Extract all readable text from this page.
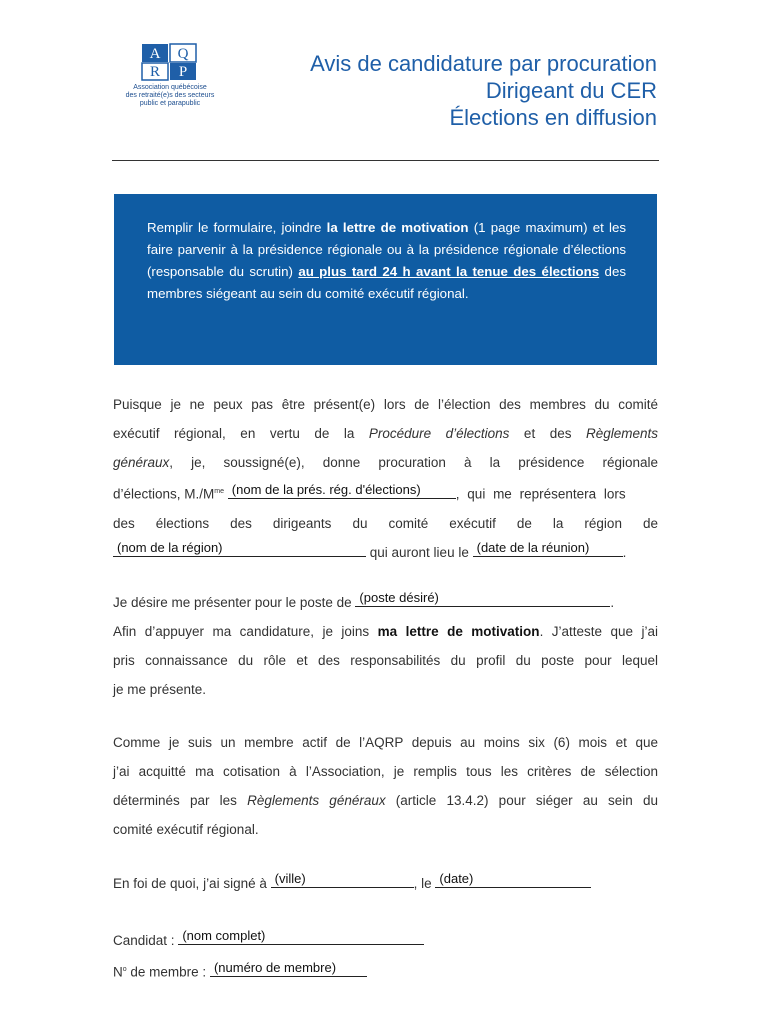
A Q
R P
Association québécoise
des retraité(e)s des secteurs
public et parapublic
Avis de candidature par procuration
Dirigeant du CER
Élections en diffusion
Remplir le formulaire, joindre la lettre de motivation (1 page maximum) et les faire parvenir à la présidence régionale ou à la présidence régionale d’élections (responsable du scrutin) au plus tard 24 h avant la tenue des élections des membres siégeant au sein du comité exécutif régional.
Puisque je ne peux pas être présent(e) lors de l’élection des membres du comité
exécutif régional, en vertu de la Procédure d’élections et des Règlements
généraux, je, soussigné(e), donne procuration à la présidence régionale
d’élections, $M./M^{me}$ (nom de la prés. rég. d'élections)	, qui me représentera lors
des élections des dirigeants du comité exécutif de la région de
(nom de la région)	qui auront lieu le (date de la réunion) .
Je désire me présenter pour le poste de (poste désiré)	.
Afin d’appuyer ma candidature, je joins ma lettre de motivation. J’atteste que j’ai
pris connaissance du rôle et des responsabilités du profil du poste pour lequel
je me présente.
Comme je suis un membre actif de l’AQRP depuis au moins six (6) mois et que
j’ai acquitté ma cotisation à l’Association, je remplis tous les critères de sélection
déterminés par les Règlements généraux (article 13.4.2) pour siéger au sein du
comité exécutif régional.
En foi de quoi, j’ai signé à (ville)	, le (date)
Candidat : (nom complet)
$N^o$ de membre : (numéro de membre)
